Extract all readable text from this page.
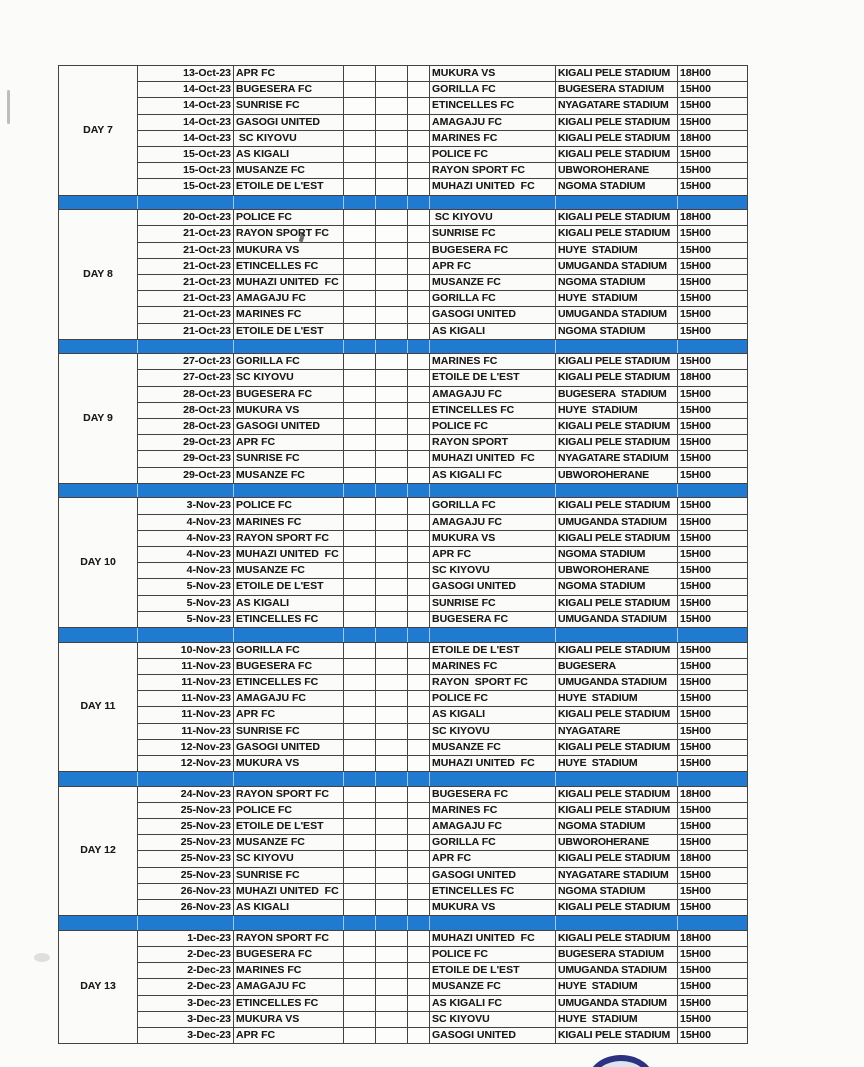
DAY 7	13-Oct-23	APR FC				MUKURA VS	KIGALI PELE STADIUM	18H00
	14-Oct-23	BUGESERA FC				GORILLA FC	BUGESERA STADIUM	15H00
	14-Oct-23	SUNRISE FC				ETINCELLES FC	NYAGATARE STADIUM	15H00
	14-Oct-23	GASOGI UNITED				AMAGAJU FC	KIGALI PELE STADIUM	15H00
	14-Oct-23	SC KIYOVU				MARINES FC	KIGALI PELE STADIUM	18H00
	15-Oct-23	AS KIGALI				POLICE FC	KIGALI PELE STADIUM	15H00
	15-Oct-23	MUSANZE FC				RAYON SPORT FC	UBWOROHERANE	15H00
	15-Oct-23	ETOILE DE L'EST				MUHAZI UNITED  FC	NGOMA STADIUM	15H00

DAY 8	20-Oct-23	POLICE FC				SC KIYOVU	KIGALI PELE STADIUM	18H00
	21-Oct-23	RAYON SPORT FC				SUNRISE FC	KIGALI PELE STADIUM	15H00
	21-Oct-23	MUKURA VS				BUGESERA FC	HUYE  STADIUM	15H00
	21-Oct-23	ETINCELLES FC				APR FC	UMUGANDA STADIUM	15H00
	21-Oct-23	MUHAZI UNITED  FC				MUSANZE FC	NGOMA STADIUM	15H00
	21-Oct-23	AMAGAJU FC				GORILLA FC	HUYE  STADIUM	15H00
	21-Oct-23	MARINES FC				GASOGI UNITED	UMUGANDA STADIUM	15H00
	21-Oct-23	ETOILE DE L'EST				AS KIGALI	NGOMA STADIUM	15H00

DAY 9	27-Oct-23	GORILLA FC				MARINES FC	KIGALI PELE STADIUM	15H00
	27-Oct-23	SC KIYOVU				ETOILE DE L'EST	KIGALI PELE STADIUM	18H00
	28-Oct-23	BUGESERA FC				AMAGAJU FC	BUGESERA  STADIUM	15H00
	28-Oct-23	MUKURA VS				ETINCELLES FC	HUYE  STADIUM	15H00
	28-Oct-23	GASOGI UNITED				POLICE FC	KIGALI PELE STADIUM	15H00
	29-Oct-23	APR FC				RAYON SPORT	KIGALI PELE STADIUM	15H00
	29-Oct-23	SUNRISE FC				MUHAZI UNITED  FC	NYAGATARE STADIUM	15H00
	29-Oct-23	MUSANZE FC				AS KIGALI FC	UBWOROHERANE	15H00

DAY 10	3-Nov-23	POLICE FC				GORILLA FC	KIGALI PELE STADIUM	15H00
	4-Nov-23	MARINES FC				AMAGAJU FC	UMUGANDA STADIUM	15H00
	4-Nov-23	RAYON SPORT FC				MUKURA VS	KIGALI PELE STADIUM	15H00
	4-Nov-23	MUHAZI UNITED  FC				APR FC	NGOMA STADIUM	15H00
	4-Nov-23	MUSANZE FC				SC KIYOVU	UBWOROHERANE	15H00
	5-Nov-23	ETOILE DE L'EST				GASOGI UNITED	NGOMA STADIUM	15H00
	5-Nov-23	AS KIGALI				SUNRISE FC	KIGALI PELE STADIUM	15H00
	5-Nov-23	ETINCELLES FC				BUGESERA FC	UMUGANDA STADIUM	15H00

DAY 11	10-Nov-23	GORILLA FC				ETOILE DE L'EST	KIGALI PELE STADIUM	15H00
	11-Nov-23	BUGESERA FC				MARINES FC	BUGESERA	15H00
	11-Nov-23	ETINCELLES FC				RAYON  SPORT FC	UMUGANDA STADIUM	15H00
	11-Nov-23	AMAGAJU FC				POLICE FC	HUYE  STADIUM	15H00
	11-Nov-23	APR FC				AS KIGALI	KIGALI PELE STADIUM	15H00
	11-Nov-23	SUNRISE FC				SC KIYOVU	NYAGATARE	15H00
	12-Nov-23	GASOGI UNITED				MUSANZE FC	KIGALI PELE STADIUM	15H00
	12-Nov-23	MUKURA VS				MUHAZI UNITED  FC	HUYE  STADIUM	15H00

DAY 12	24-Nov-23	RAYON SPORT FC				BUGESERA FC	KIGALI PELE STADIUM	18H00
	25-Nov-23	POLICE FC				MARINES FC	KIGALI PELE STADIUM	15H00
	25-Nov-23	ETOILE DE L'EST				AMAGAJU FC	NGOMA STADIUM	15H00
	25-Nov-23	MUSANZE FC				GORILLA FC	UBWOROHERANE	15H00
	25-Nov-23	SC KIYOVU				APR FC	KIGALI PELE STADIUM	18H00
	25-Nov-23	SUNRISE FC				GASOGI UNITED	NYAGATARE STADIUM	15H00
	26-Nov-23	MUHAZI UNITED  FC				ETINCELLES FC	NGOMA STADIUM	15H00
	26-Nov-23	AS KIGALI				MUKURA VS	KIGALI PELE STADIUM	15H00

DAY 13	1-Dec-23	RAYON SPORT FC				MUHAZI UNITED  FC	KIGALI PELE STADIUM	18H00
	2-Dec-23	BUGESERA FC				POLICE FC	BUGESERA STADIUM	15H00
	2-Dec-23	MARINES FC				ETOILE DE L'EST	UMUGANDA STADIUM	15H00
	2-Dec-23	AMAGAJU FC				MUSANZE FC	HUYE  STADIUM	15H00
	3-Dec-23	ETINCELLES FC				AS KIGALI FC	UMUGANDA STADIUM	15H00
	3-Dec-23	MUKURA VS				SC KIYOVU	HUYE  STADIUM	15H00
	3-Dec-23	APR FC				GASOGI UNITED	KIGALI PELE STADIUM	15H00
